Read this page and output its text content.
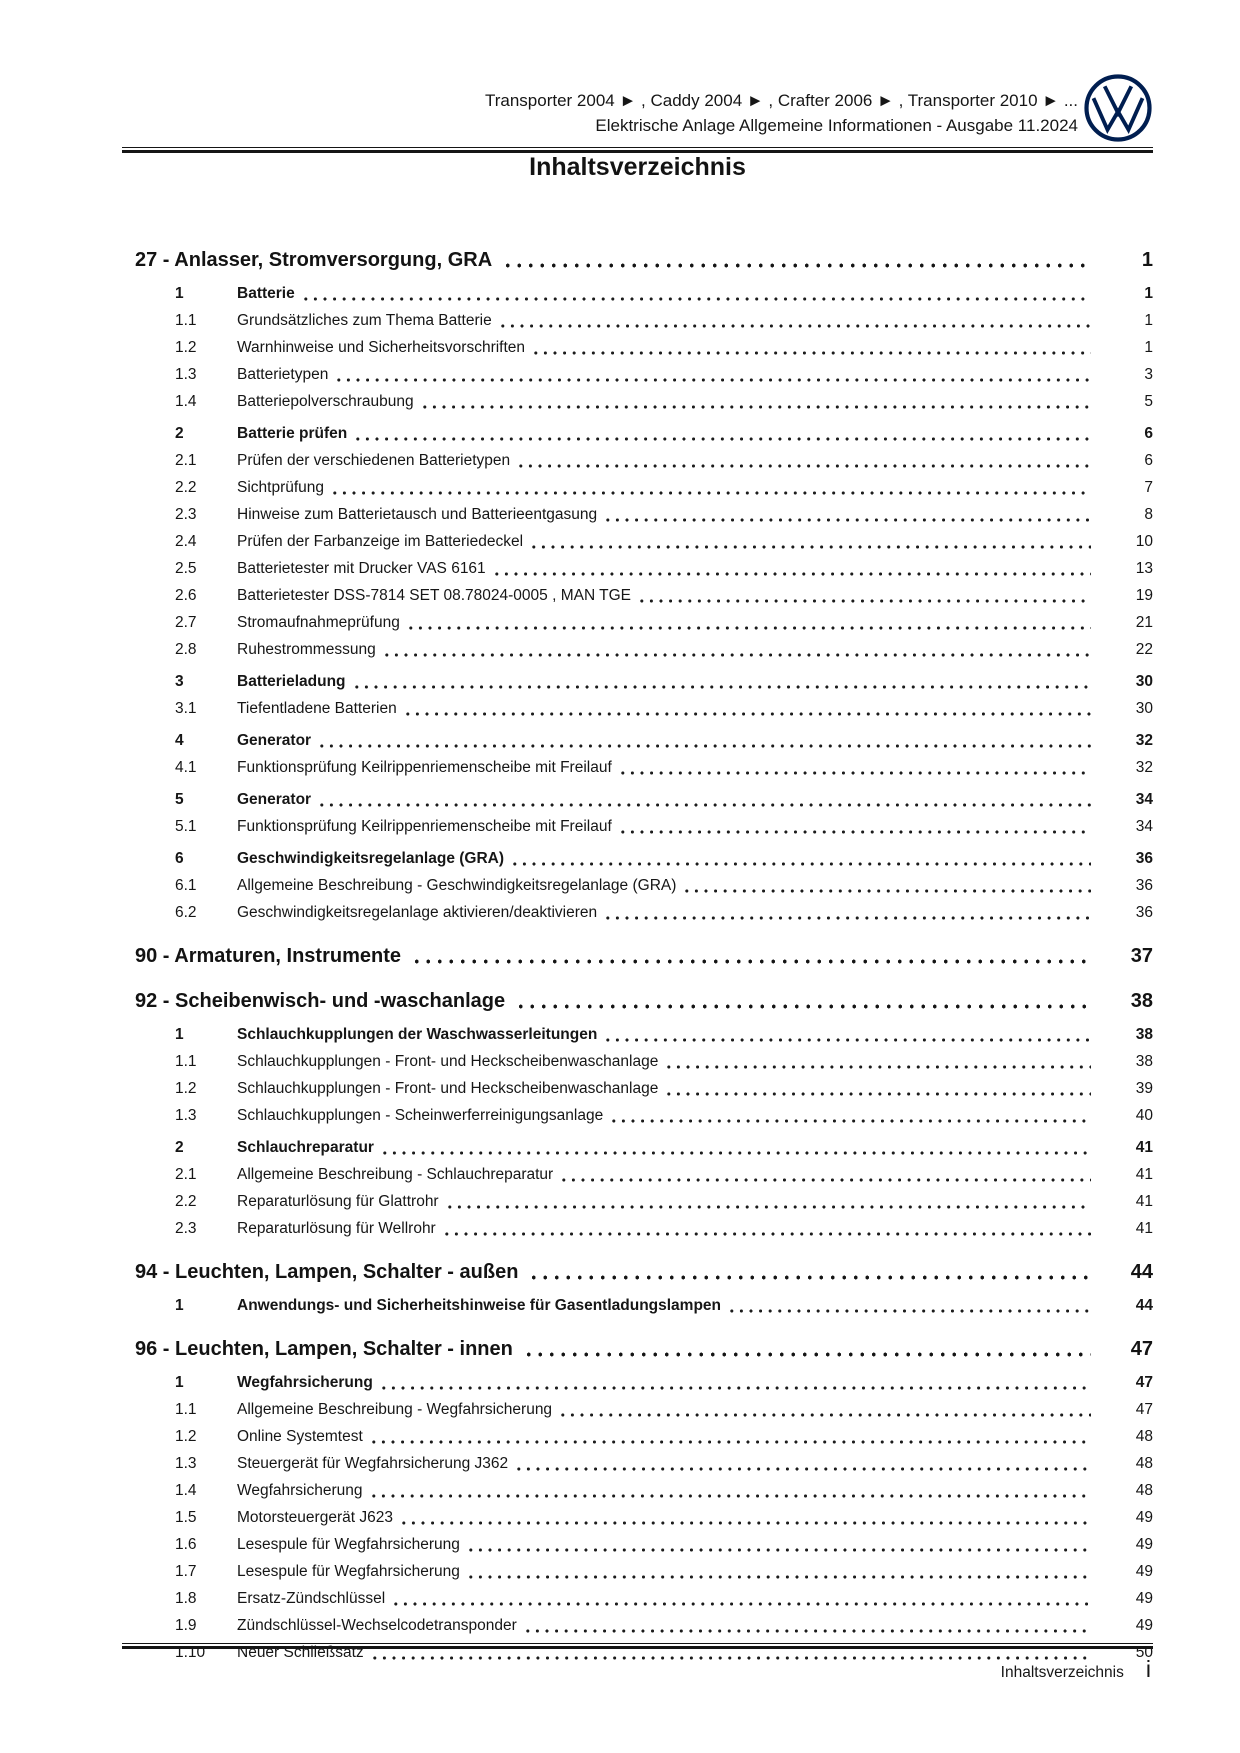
Transporter 2004 ► , Caddy 2004 ► , Crafter 2006 ► , Transporter 2010 ► ...
Elektrische Anlage Allgemeine Informationen - Ausgabe 11.2024
Inhaltsverzeichnis
27 - Anlasser, Stromversorgung, GRA	1
1	Batterie	1
1.1	Grundsätzliches zum Thema Batterie	1
1.2	Warnhinweise und Sicherheitsvorschriften	1
1.3	Batterietypen	3
1.4	Batteriepolverschraubung	5
2	Batterie prüfen	6
2.1	Prüfen der verschiedenen Batterietypen	6
2.2	Sichtprüfung	7
2.3	Hinweise zum Batterietausch und Batterieentgasung	8
2.4	Prüfen der Farbanzeige im Batteriedeckel	10
2.5	Batterietester mit Drucker VAS 6161	13
2.6	Batterietester DSS-7814 SET 08.78024-0005 , MAN TGE	19
2.7	Stromaufnahmeprüfung	21
2.8	Ruhestrommessung	22
3	Batterieladung	30
3.1	Tiefentladene Batterien	30
4	Generator	32
4.1	Funktionsprüfung Keilrippenriemenscheibe mit Freilauf	32
5	Generator	34
5.1	Funktionsprüfung Keilrippenriemenscheibe mit Freilauf	34
6	Geschwindigkeitsregelanlage (GRA)	36
6.1	Allgemeine Beschreibung - Geschwindigkeitsregelanlage (GRA)	36
6.2	Geschwindigkeitsregelanlage aktivieren/deaktivieren	36
90 - Armaturen, Instrumente	37
92 - Scheibenwisch- und -waschanlage	38
1	Schlauchkupplungen der Waschwasserleitungen	38
1.1	Schlauchkupplungen - Front- und Heckscheibenwaschanlage	38
1.2	Schlauchkupplungen - Front- und Heckscheibenwaschanlage	39
1.3	Schlauchkupplungen - Scheinwerferreinigungsanlage	40
2	Schlauchreparatur	41
2.1	Allgemeine Beschreibung - Schlauchreparatur	41
2.2	Reparaturlösung für Glattrohr	41
2.3	Reparaturlösung für Wellrohr	41
94 - Leuchten, Lampen, Schalter - außen	44
1	Anwendungs- und Sicherheitshinweise für Gasentladungslampen	44
96 - Leuchten, Lampen, Schalter - innen	47
1	Wegfahrsicherung	47
1.1	Allgemeine Beschreibung - Wegfahrsicherung	47
1.2	Online Systemtest	48
1.3	Steuergerät für Wegfahrsicherung J362	48
1.4	Wegfahrsicherung	48
1.5	Motorsteuergerät J623	49
1.6	Lesespule für Wegfahrsicherung	49
1.7	Lesespule für Wegfahrsicherung	49
1.8	Ersatz-Zündschlüssel	49
1.9	Zündschlüssel-Wechselcodetransponder	49
1.10	Neuer Schließsatz	50
Inhaltsverzeichnis i
